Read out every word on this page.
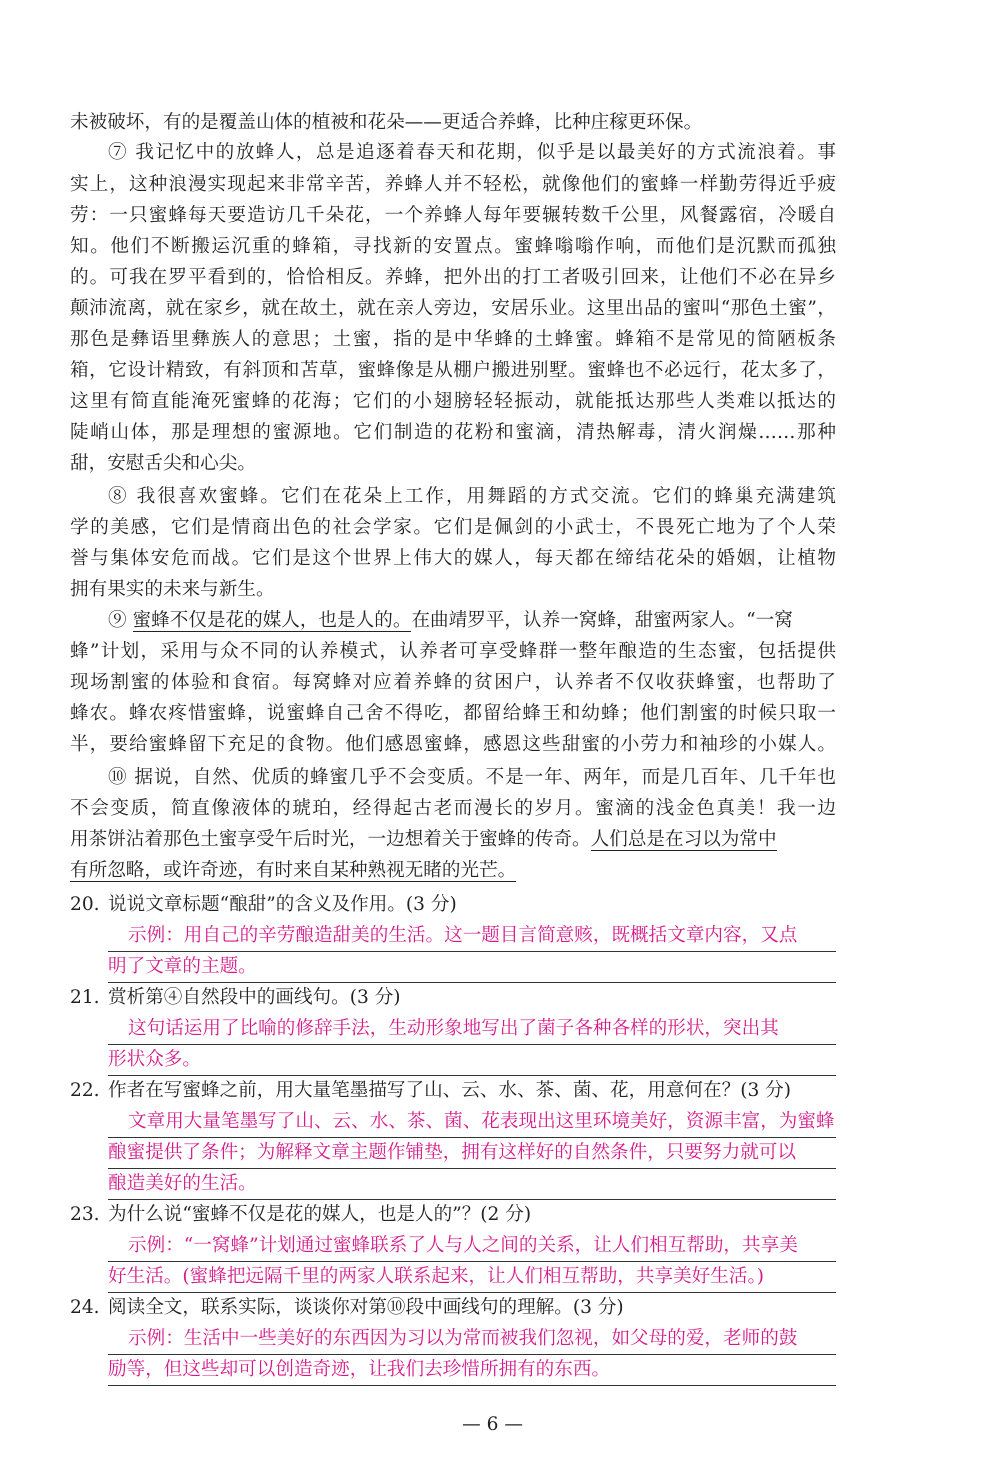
未被破坏，有的是覆盖山体的植被和花朵——更适合养蜂，比种庄稼更环保。
⑦ 我记忆中的放蜂人，总是追逐着春天和花期，似乎是以最美好的方式流浪着。事
实上，这种浪漫实现起来非常辛苦，养蜂人并不轻松，就像他们的蜜蜂一样勤劳得近乎疲
劳：一只蜜蜂每天要造访几千朵花，一个养蜂人每年要辗转数千公里，风餐露宿，冷暖自
知。他们不断搬运沉重的蜂箱，寻找新的安置点。蜜蜂嗡嗡作响，而他们是沉默而孤独
的。可我在罗平看到的，恰恰相反。养蜂，把外出的打工者吸引回来，让他们不必在异乡
颠沛流离，就在家乡，就在故土，就在亲人旁边，安居乐业。这里出品的蜜叫“那色土蜜”，
那色是彝语里彝族人的意思；土蜜，指的是中华蜂的土蜂蜜。蜂箱不是常见的简陋板条
箱，它设计精致，有斜顶和苫草，蜜蜂像是从棚户搬进别墅。蜜蜂也不必远行，花太多了，
这里有简直能淹死蜜蜂的花海；它们的小翅膀轻轻振动，就能抵达那些人类难以抵达的
陡峭山体，那是理想的蜜源地。它们制造的花粉和蜜滴，清热解毒，清火润燥……那种
甜，安慰舌尖和心尖。
⑧ 我很喜欢蜜蜂。它们在花朵上工作，用舞蹈的方式交流。它们的蜂巢充满建筑
学的美感，它们是情商出色的社会学家。它们是佩剑的小武士，不畏死亡地为了个人荣
誉与集体安危而战。它们是这个世界上伟大的媒人，每天都在缔结花朵的婚姻，让植物
拥有果实的未来与新生。
⑨ 蜜蜂不仅是花的媒人，也是人的。在曲靖罗平，认养一窝蜂，甜蜜两家人。“一窝
蜂”计划，采用与众不同的认养模式，认养者可享受蜂群一整年酿造的生态蜜，包括提供
现场割蜜的体验和食宿。每窝蜂对应着养蜂的贫困户，认养者不仅收获蜂蜜，也帮助了
蜂农。蜂农疼惜蜜蜂，说蜜蜂自己舍不得吃，都留给蜂王和幼蜂；他们割蜜的时候只取一
半，要给蜜蜂留下充足的食物。他们感恩蜜蜂，感恩这些甜蜜的小劳力和袖珍的小媒人。
⑩ 据说，自然、优质的蜂蜜几乎不会变质。不是一年、两年，而是几百年、几千年也
不会变质，简直像液体的琥珀，经得起古老而漫长的岁月。蜜滴的浅金色真美！我一边
用茶饼沾着那色土蜜享受午后时光，一边想着关于蜜蜂的传奇。人们总是在习以为常中
有所忽略，或许奇迹，有时来自某种熟视无睹的光芒。
20. 说说文章标题“酿甜”的含义及作用。(3 分)
示例：用自己的辛劳酿造甜美的生活。这一题目言简意赅，既概括文章内容，又点
明了文章的主题。
21. 赏析第④自然段中的画线句。(3 分)
这句话运用了比喻的修辞手法，生动形象地写出了菌子各种各样的形状，突出其
形状众多。
22. 作者在写蜜蜂之前，用大量笔墨描写了山、云、水、茶、菌、花，用意何在？(3 分)
文章用大量笔墨写了山、云、水、茶、菌、花表现出这里环境美好，资源丰富，为蜜蜂
酿蜜提供了条件；为解释文章主题作铺垫，拥有这样好的自然条件，只要努力就可以
酿造美好的生活。
23. 为什么说“蜜蜂不仅是花的媒人，也是人的”？(2 分)
示例：“一窝蜂”计划通过蜜蜂联系了人与人之间的关系，让人们相互帮助，共享美
好生活。(蜜蜂把远隔千里的两家人联系起来，让人们相互帮助，共享美好生活。)
24. 阅读全文，联系实际，谈谈你对第⑩段中画线句的理解。(3 分)
示例：生活中一些美好的东西因为习以为常而被我们忽视，如父母的爱，老师的鼓
励等，但这些却可以创造奇迹，让我们去珍惜所拥有的东西。
— 6 —
